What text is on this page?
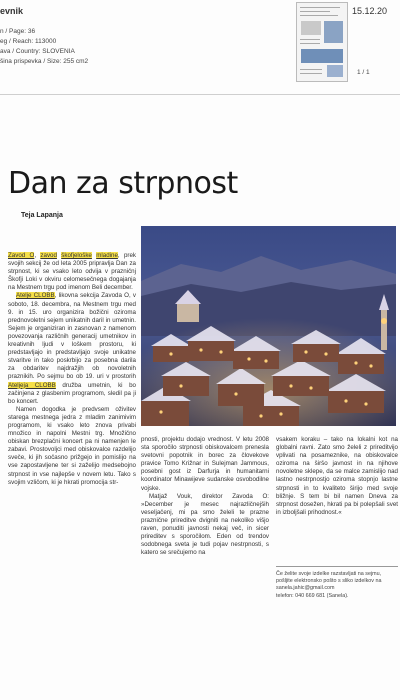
evnik
n / Page: 36
eg / Reach: 113000
ava / Country: SLOVENIA
šina prispevka / Size: 255 cm2
15.12.20
1 / 1
Dan za strpnost
Teja Lapanja

Zavod O, zavod škofjeloške mladine, prek svojih sekcij že od leta 2005 pripravlja Dan za strpnost, ki se vsako leto odvija v prazničnj Škofji Loki v okviru celomesečnega dogajanja na Mestnem trgu pod imenom Beli december.

Atelje CLOBB, likovna sekcija Zavoda O, v soboto, 18. decembra, na Mestnem trgu med 9. in 15. uro organizira božični oziroma prednovoletni sejem unikatnih daril in umetnin. Sejem je organiziran in zasnovan z namenom povezovanja različnih generacij umetnikov in kreativnih ljudi v loškem prostoru, ki predstavljajo in predstavljajo svoje unikatne stvaritve in tako poskrbijo za posebna darila za obdaritev najdražjih ob novoletnih praznikih. Po sejmu bo ob 19. uri v prostorih Ateljeja CLOBB družba umetnin, ki bo začinjena z glasbenim programom, sledil pa ji bo koncert.

Namen dogodka je predvsem oživitev starega mestnega jedra z mladim zanimivim programom, ki vsako leto znova privabi množico in napolni Mestni trg. Množično obiskan brezplačni koncert pa ni namenjen le zabavi. Prostovoljci med obiskovalce razdelijo sveče, ki jih sočasno prižgejo in pomislijo na vse zapostavljene ter si zaželijo medsebojno strpnost in vse najlepše v novem letu. Tako s svojim vzličom, ki je hkrati promocija str-

pnosti, projektu dodajo vrednost. V letu 2008 sta sporočilo strpnosti obiskovalcem prenesla svetovni popotnik in borec za človekove pravice Tomo Križnar in Sulejman Jammous, posebni gost iz Darfurja in humanitarni koordinator Minawijeve sudanske osvobodilne vojske.

Matjaž Vouk, direktor Zavoda O: »December je mesec najrazličnejših veseljačenj, mi pa smo želeli te prazne praznične prireditve dvigniti na nekoliko višjo raven, ponuditi javnosti nekaj več, in sicer prireditev s sporočilom. Eden od trendov sodobnega sveta je tudi pojav nestrpnosti, s katero se srečujemo na

vsakem koraku – tako na lokalni kot na globalni ravni. Zato smo želeli z prireditvijo vplivati na posameznike, na obiskovalce oziroma na širšo javnost in na njihove novoletne sklepe, da se malce zamislijo nad lastno nestrpnostjo oziroma stopnjo lastne strpnosti in to kvaliteto širijo med svoje bližnje. S tem bi bil namen Dneva za strpnost dosežen, hkrati pa bi polepšali svet in izboljšali prihodnost.«

Če želite svoje izdelke razstavljati na sejmu,
pošljite elektronsko pošto s sliko izdelkov na
sanela.jahic@gmail.com
telefon: 040 669 681 (Sanela).
